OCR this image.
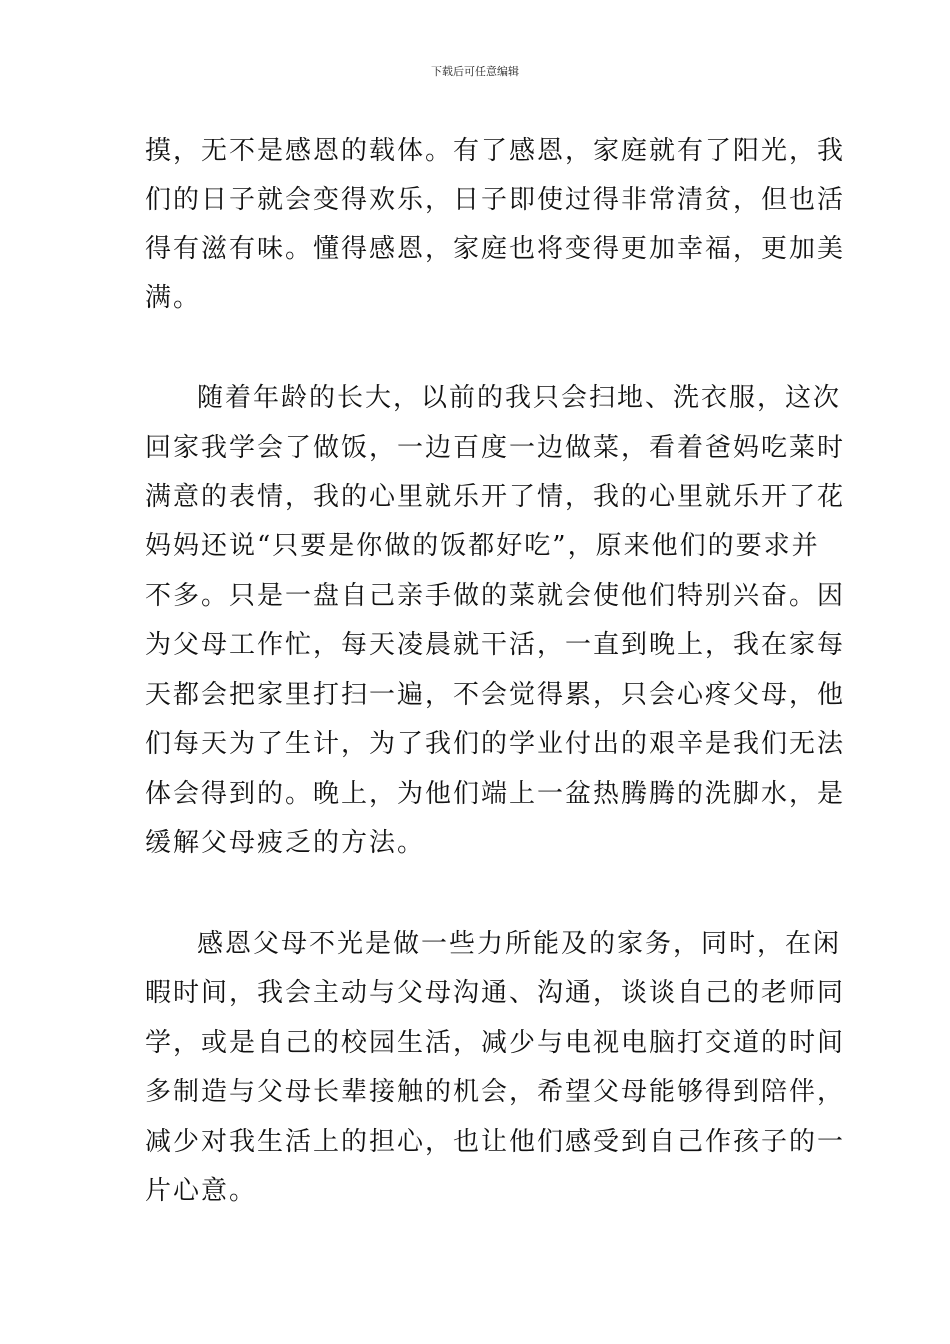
下载后可任意编辑
摸，无不是感恩的载体。有了感恩，家庭就有了阳光，我
们的日子就会变得欢乐，日子即使过得非常清贫，但也活
得有滋有味。懂得感恩，家庭也将变得更加幸福，更加美
满。
随着年龄的长大，以前的我只会扫地、洗衣服，这次
回家我学会了做饭，一边百度一边做菜，看着爸妈吃菜时
满意的表情，我的心里就乐开了情，我的心里就乐开了花
妈妈还说“只要是你做的饭都好吃”，原来他们的要求并
不多。只是一盘自己亲手做的菜就会使他们特别兴奋。因
为父母工作忙，每天凌晨就干活，一直到晚上，我在家每
天都会把家里打扫一遍，不会觉得累，只会心疼父母，他
们每天为了生计，为了我们的学业付出的艰辛是我们无法
体会得到的。晚上，为他们端上一盆热腾腾的洗脚水，是
缓解父母疲乏的方法。
感恩父母不光是做一些力所能及的家务，同时，在闲
暇时间，我会主动与父母沟通、沟通，谈谈自己的老师同
学，或是自己的校园生活，减少与电视电脑打交道的时间
多制造与父母长辈接触的机会，希望父母能够得到陪伴，
减少对我生活上的担心，也让他们感受到自己作孩子的一
片心意。
